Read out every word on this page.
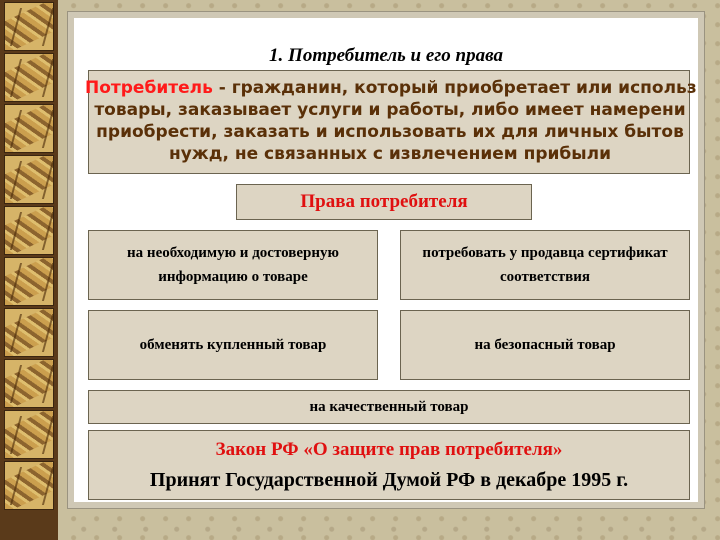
1. Потребитель и его права
Потребитель - гражданин, который приобретает или использ
товары, заказывает услуги и работы, либо имеет намерени
приобрести, заказать и использовать их для личных бытов
нужд, не связанных с извлечением прибыли
Права потребителя
на необходимую и достоверную информацию о товаре
потребовать у продавца сертификат соответствия
обменять купленный товар	на безопасный товар
на качественный товар
Закон РФ «О защите прав потребителя»
Принят Государственной Думой РФ в декабре 1995 г.
